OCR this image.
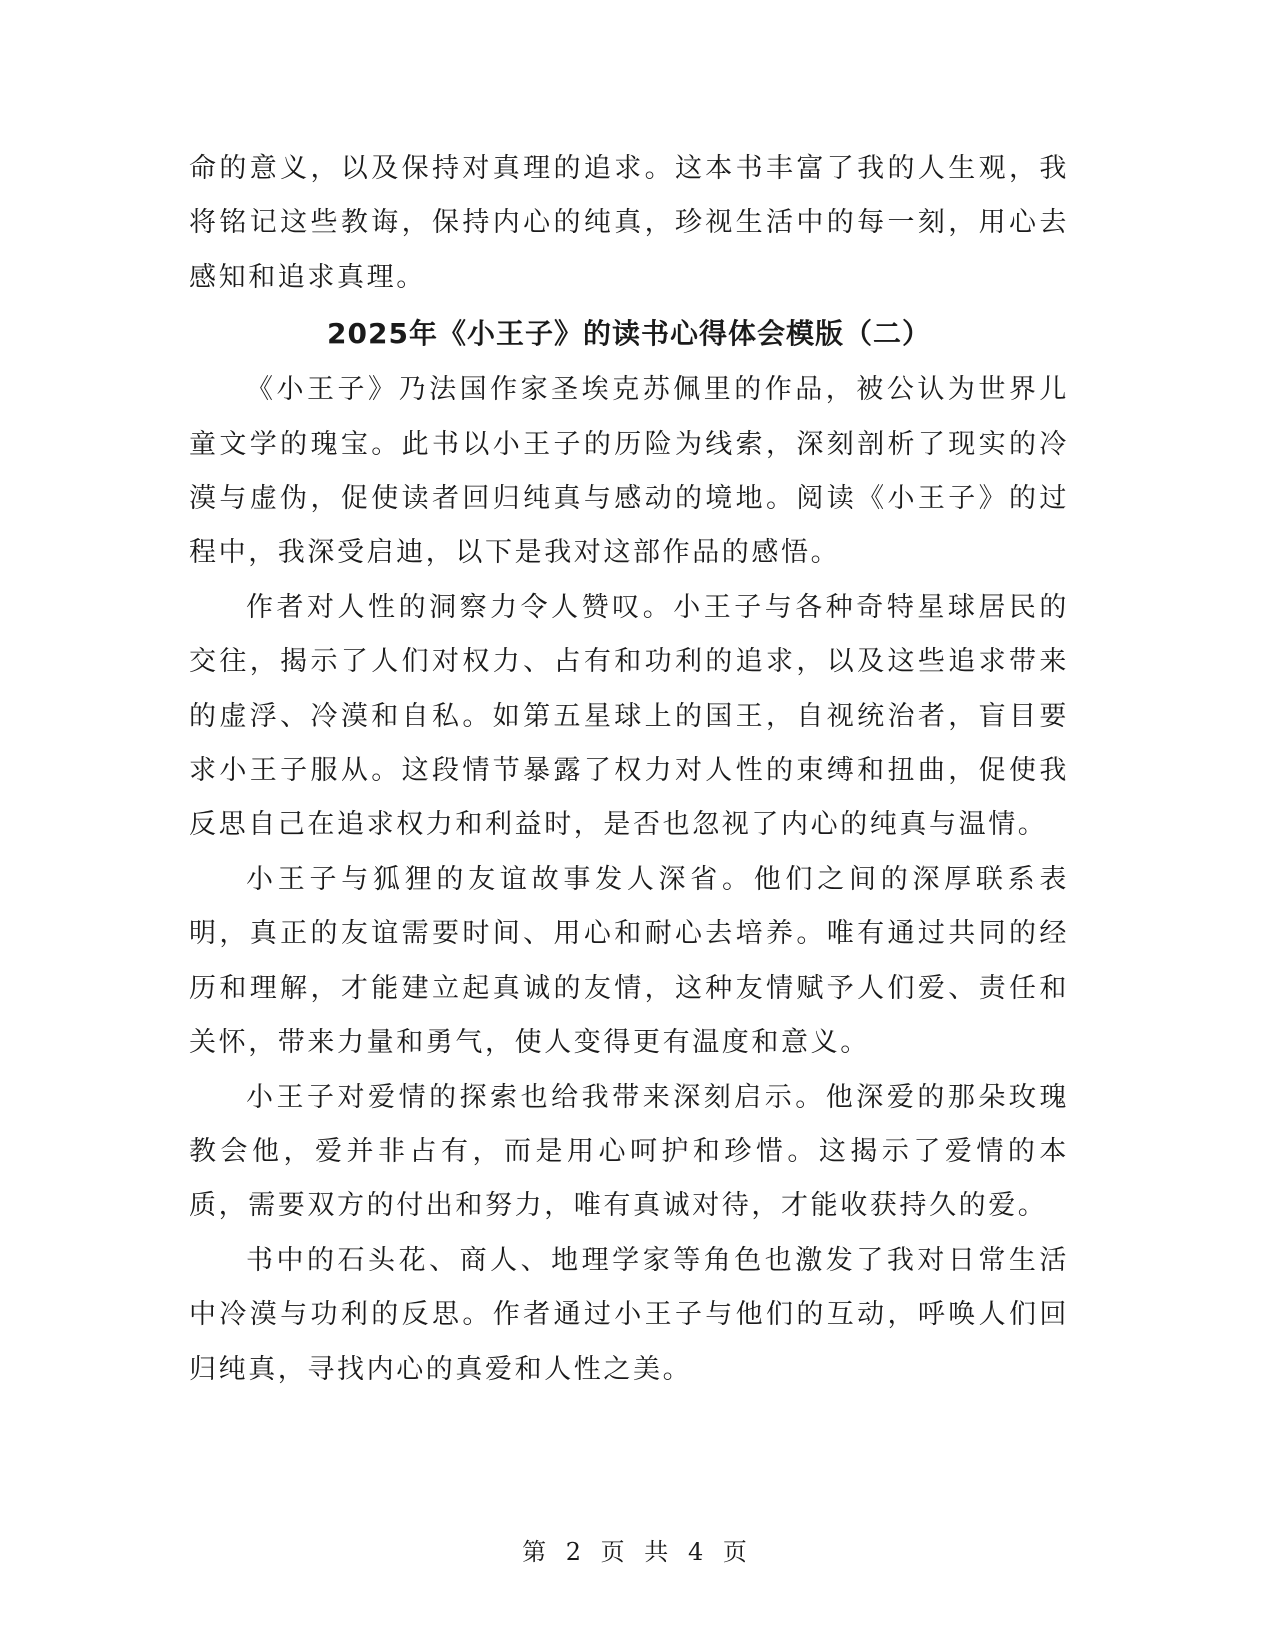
命的意义，以及保持对真理的追求。这本书丰富了我的人生观，我将铭记这些教诲，保持内心的纯真，珍视生活中的每一刻，用心去感知和追求真理。

2025年《小王子》的读书心得体会模版（二）

《小王子》乃法国作家圣埃克苏佩里的作品，被公认为世界儿童文学的瑰宝。此书以小王子的历险为线索，深刻剖析了现实的冷漠与虚伪，促使读者回归纯真与感动的境地。阅读《小王子》的过程中，我深受启迪，以下是我对这部作品的感悟。

作者对人性的洞察力令人赞叹。小王子与各种奇特星球居民的交往，揭示了人们对权力、占有和功利的追求，以及这些追求带来的虚浮、冷漠和自私。如第五星球上的国王，自视统治者，盲目要求小王子服从。这段情节暴露了权力对人性的束缚和扭曲，促使我反思自己在追求权力和利益时，是否也忽视了内心的纯真与温情。

小王子与狐狸的友谊故事发人深省。他们之间的深厚联系表明，真正的友谊需要时间、用心和耐心去培养。唯有通过共同的经历和理解，才能建立起真诚的友情，这种友情赋予人们爱、责任和关怀，带来力量和勇气，使人变得更有温度和意义。

小王子对爱情的探索也给我带来深刻启示。他深爱的那朵玫瑰教会他，爱并非占有，而是用心呵护和珍惜。这揭示了爱情的本质，需要双方的付出和努力，唯有真诚对待，才能收获持久的爱。

书中的石头花、商人、地理学家等角色也激发了我对日常生活中冷漠与功利的反思。作者通过小王子与他们的互动，呼唤人们回归纯真，寻找内心的真爱和人性之美。

第 2 页 共 4 页
